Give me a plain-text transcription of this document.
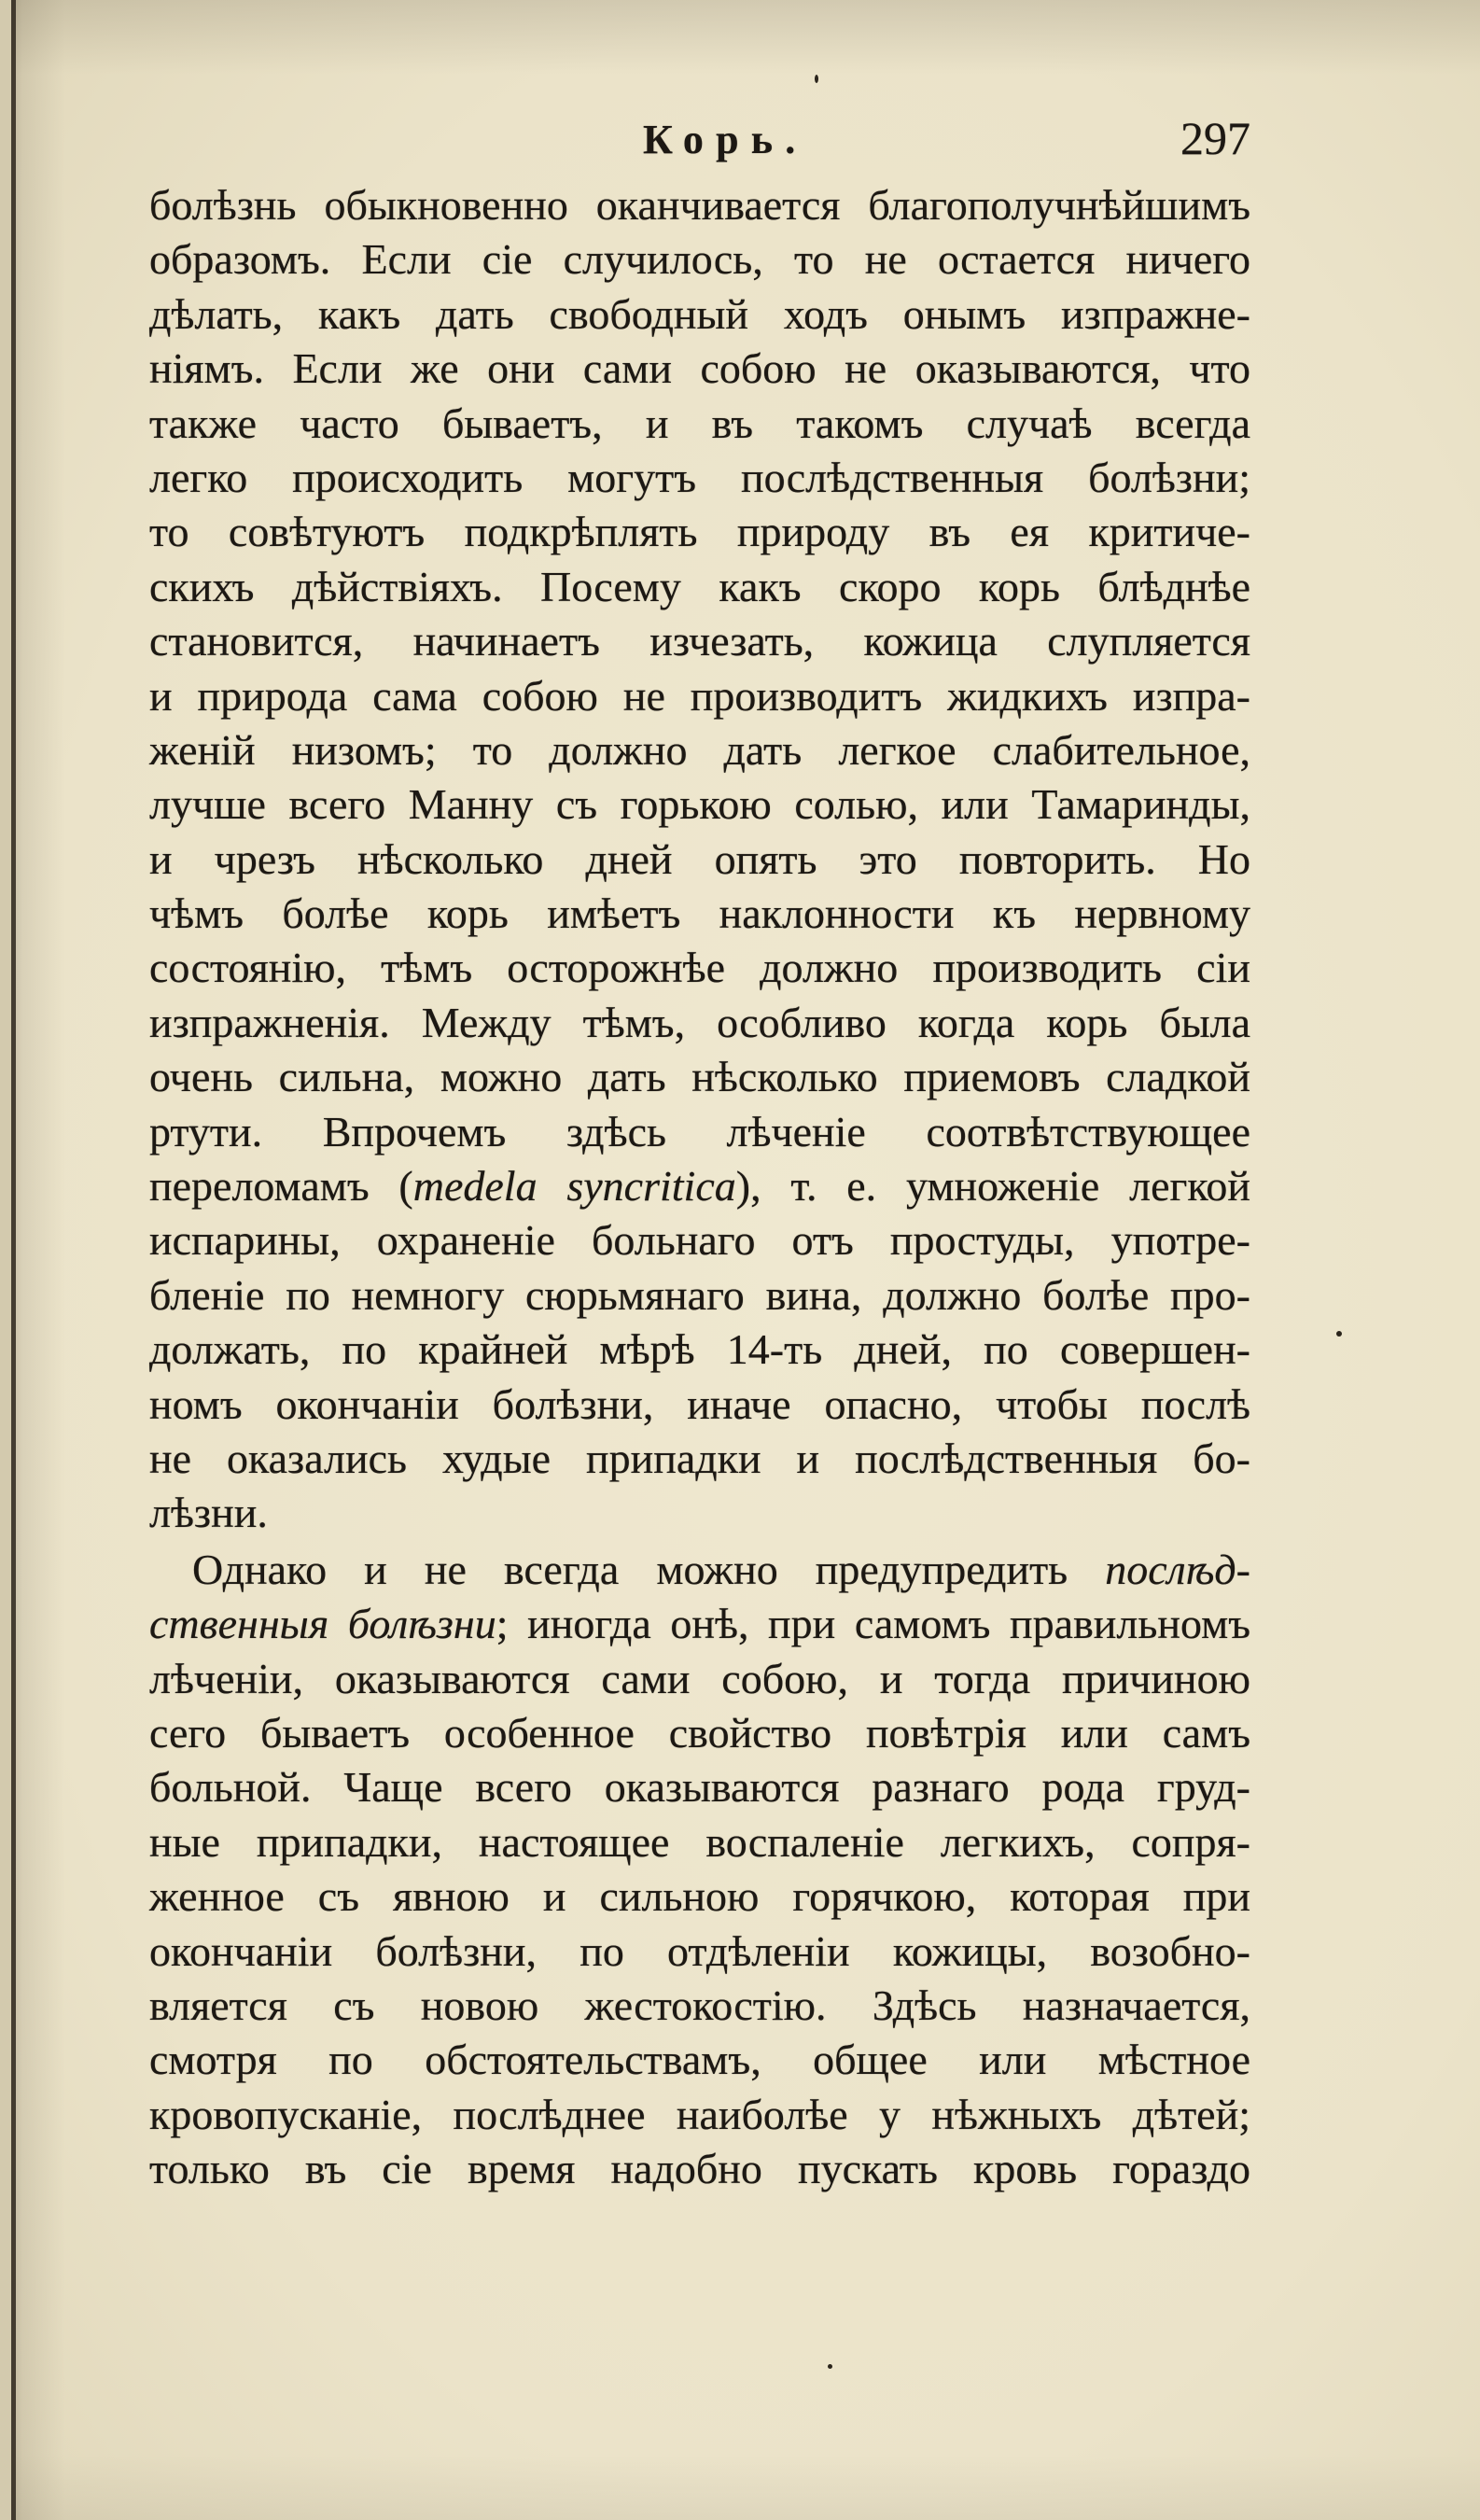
Корь.	297
болѣзнь обыкновенно оканчивается благополучнѣйшимъ
образомъ. Если сіе случилось, то не остается ничего
дѣлать, какъ дать свободный ходъ онымъ изпражне-
ніямъ. Если же они сами собою не оказываются, что
также часто бываетъ, и въ такомъ случаѣ всегда
легко происходить могутъ послѣдственныя болѣзни;
то совѣтуютъ подкрѣплять природу въ ея критиче-
скихъ дѣйствіяхъ. Посему какъ скоро корь блѣднѣе
становится, начинаетъ изчезать, кожица слупляется
и природа сама собою не производитъ жидкихъ изпра-
женій низомъ; то должно дать легкое слабительное,
лучше всего Манну съ горькою солью, или Тамаринды,
и чрезъ нѣсколько дней опять это повторить. Но
чѣмъ болѣе корь имѣетъ наклонности къ нервному
состоянію, тѣмъ осторожнѣе должно производить сіи
изпражненія. Между тѣмъ, особливо когда корь была
очень сильна, можно дать нѣсколько приемовъ сладкой
ртути. Впрочемъ здѣсь лѣченіе соотвѣтствующее
переломамъ (medela syncritica), т. е. умноженіе легкой
испарины, охраненіе больнаго отъ простуды, употре-
бленіе по немногу сюрьмянаго вина, должно болѣе про-
должать, по крайней мѣрѣ 14-ть дней, по совершен-
номъ окончаніи болѣзни, иначе опасно, чтобы послѣ
не оказались худые припадки и послѣдственныя бо-
лѣзни.
Однако и не всегда можно предупредить послѣд-
ственныя болѣзни; иногда онѣ, при самомъ правильномъ
лѣченіи, оказываются сами собою, и тогда причиною
сего бываетъ особенное свойство повѣтрія или самъ
больной. Чаще всего оказываются разнаго рода груд-
ные припадки, настоящее воспаленіе легкихъ, сопря-
женное съ явною и сильною горячкою, которая при
окончаніи болѣзни, по отдѣленіи кожицы, возобно-
вляется съ новою жестокостію. Здѣсь назначается,
смотря по обстоятельствамъ, общее или мѣстное
кровопусканіе, послѣднее наиболѣе у нѣжныхъ дѣтей;
только въ сіе время надобно пускать кровь гораздо
